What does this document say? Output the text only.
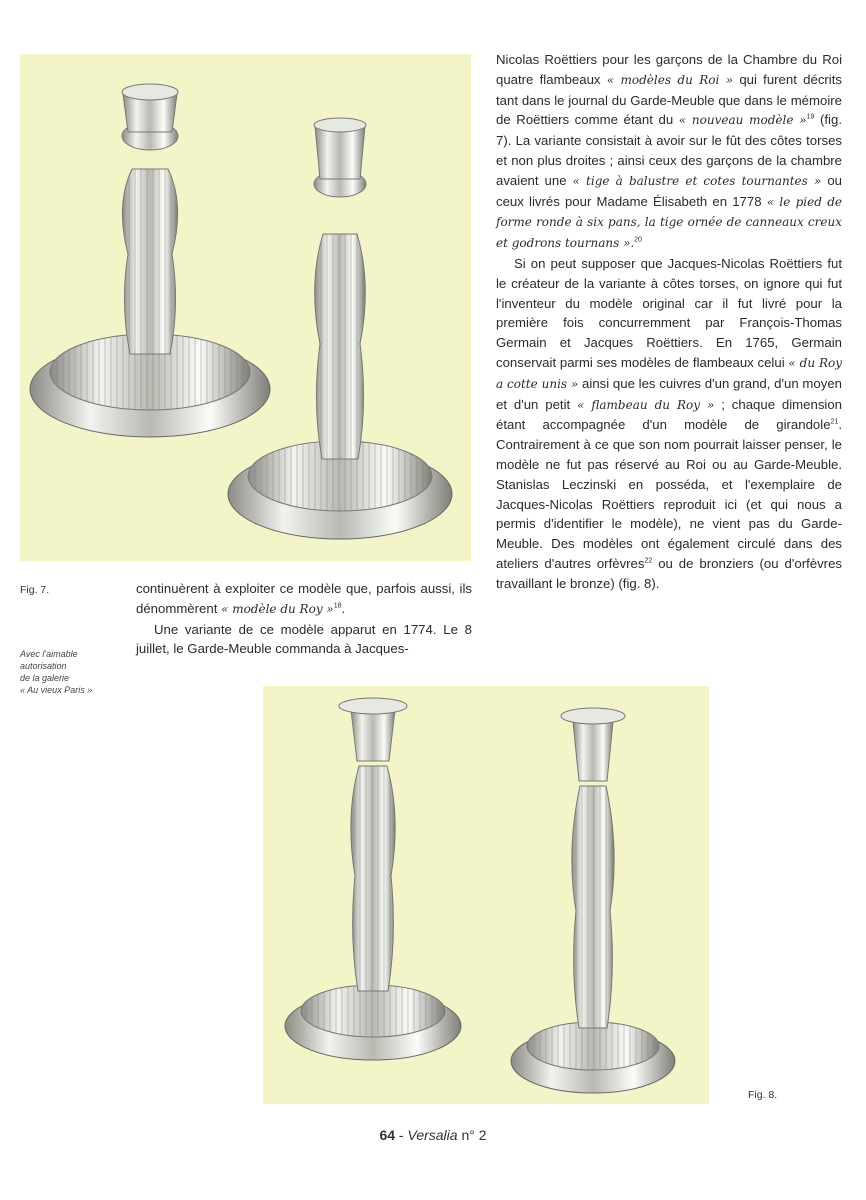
Nicolas Roëttiers pour les garçons de la Chambre du Roi quatre flambeaux « modèles du Roi » qui furent décrits tant dans le journal du Garde-Meuble que dans le mémoire de Roëttiers comme étant du « nouveau modèle »$^{19}$ (fig. 7). La variante consistait à avoir sur le fût des côtes torses et non plus droites ; ainsi ceux des garçons de la chambre avaient une « tige à balustre et cotes tournantes » ou ceux livrés pour Madame Élisabeth en 1778 « le pied de forme ronde à six pans, la tige ornée de canneaux creux et godrons tournans ».$^{20}$

Si on peut supposer que Jacques-Nicolas Roëttiers fut le créateur de la variante à côtes torses, on ignore qui fut l'inventeur du modèle original car il fut livré pour la première fois concurremment par François-Thomas Germain et Jacques Roëttiers. En 1765, Germain conservait parmi ses modèles de flambeaux celui « du Roy a cotte unis » ainsi que les cuivres d'un grand, d'un moyen et d'un petit « flambeau du Roy » ; chaque dimension étant accompagnée d'un modèle de girandole$^{21}$. Contrairement à ce que son nom pourrait laisser penser, le modèle ne fut pas réservé au Roi ou au Garde-Meuble. Stanislas Leczinski en posséda, et l'exemplaire de Jacques-Nicolas Roëttiers reproduit ici (et qui nous a permis d'identifier le modèle), ne vient pas du Garde-Meuble. Des modèles ont également circulé dans des ateliers d'autres orfèvres$^{22}$ ou de bronziers (ou d'orfèvres travaillant le bronze) (fig. 8).

Fig. 7.
Avec l'aimable
autorisation
de la galerie
« Au vieux Paris »

continuèrent à exploiter ce modèle que, parfois aussi, ils dénommèrent « modèle du Roy »$^{18}$.

Une variante de ce modèle apparut en 1774. Le 8 juillet, le Garde-Meuble commanda à Jacques-

Fig. 8.
64 - Versalia n° 2
